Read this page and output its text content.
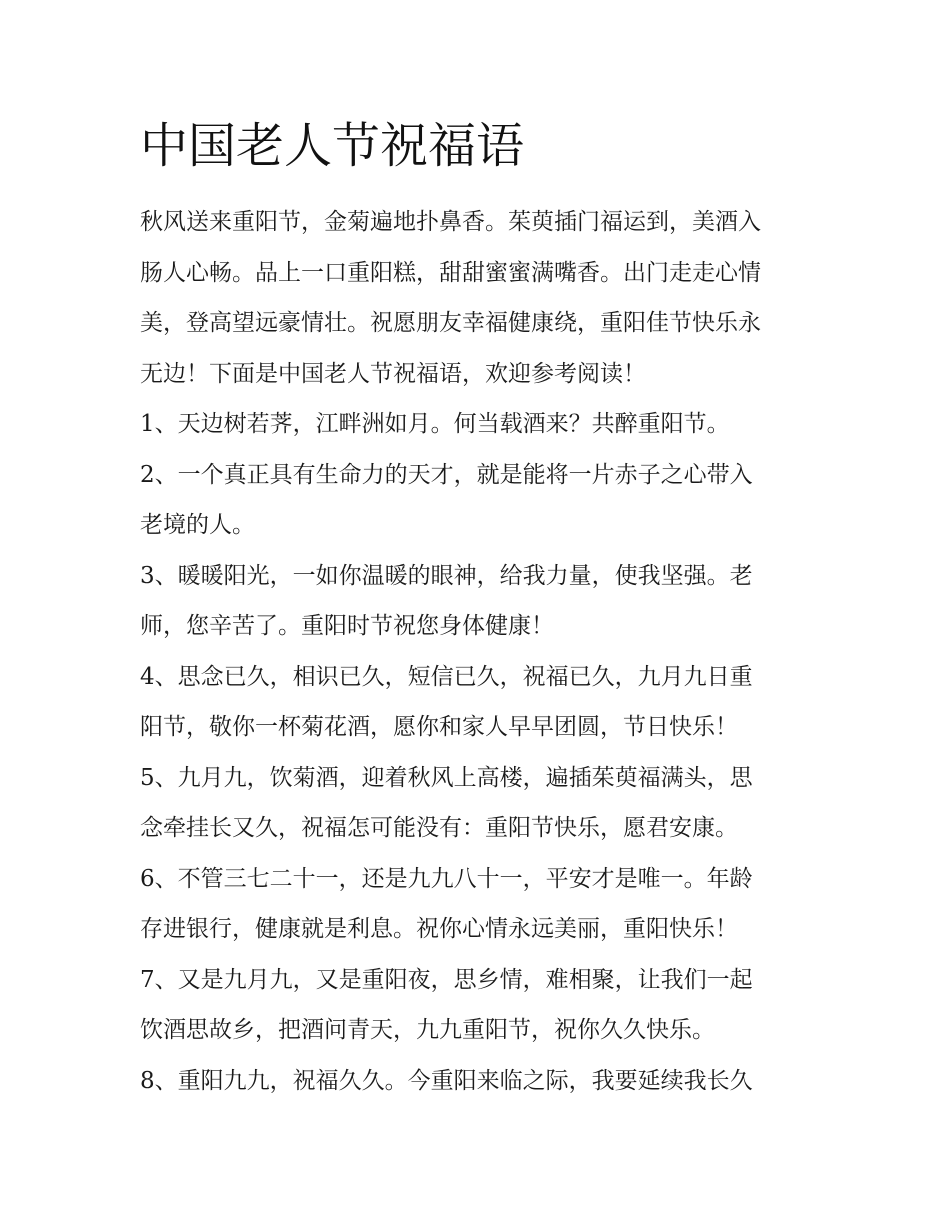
中国老人节祝福语

秋风送来重阳节，金菊遍地扑鼻香。茱萸插门福运到，美酒入
肠人心畅。品上一口重阳糕，甜甜蜜蜜满嘴香。出门走走心情
美，登高望远豪情壮。祝愿朋友幸福健康绕，重阳佳节快乐永
无边！下面是中国老人节祝福语，欢迎参考阅读！

1、天边树若荠，江畔洲如月。何当载酒来？共醉重阳节。

2、一个真正具有生命力的天才，就是能将一片赤子之心带入
老境的人。

3、暖暖阳光，一如你温暖的眼神，给我力量，使我坚强。老
师，您辛苦了。重阳时节祝您身体健康！

4、思念已久，相识已久，短信已久，祝福已久，九月九日重
阳节，敬你一杯菊花酒，愿你和家人早早团圆，节日快乐！

5、九月九，饮菊酒，迎着秋风上高楼，遍插茱萸福满头，思
念牵挂长又久，祝福怎可能没有：重阳节快乐，愿君安康。

6、不管三七二十一，还是九九八十一，平安才是唯一。年龄
存进银行，健康就是利息。祝你心情永远美丽，重阳快乐！

7、又是九月九，又是重阳夜，思乡情，难相聚，让我们一起
饮酒思故乡，把酒问青天，九九重阳节，祝你久久快乐。

8、重阳九九，祝福久久。今重阳来临之际，我要延续我长久
